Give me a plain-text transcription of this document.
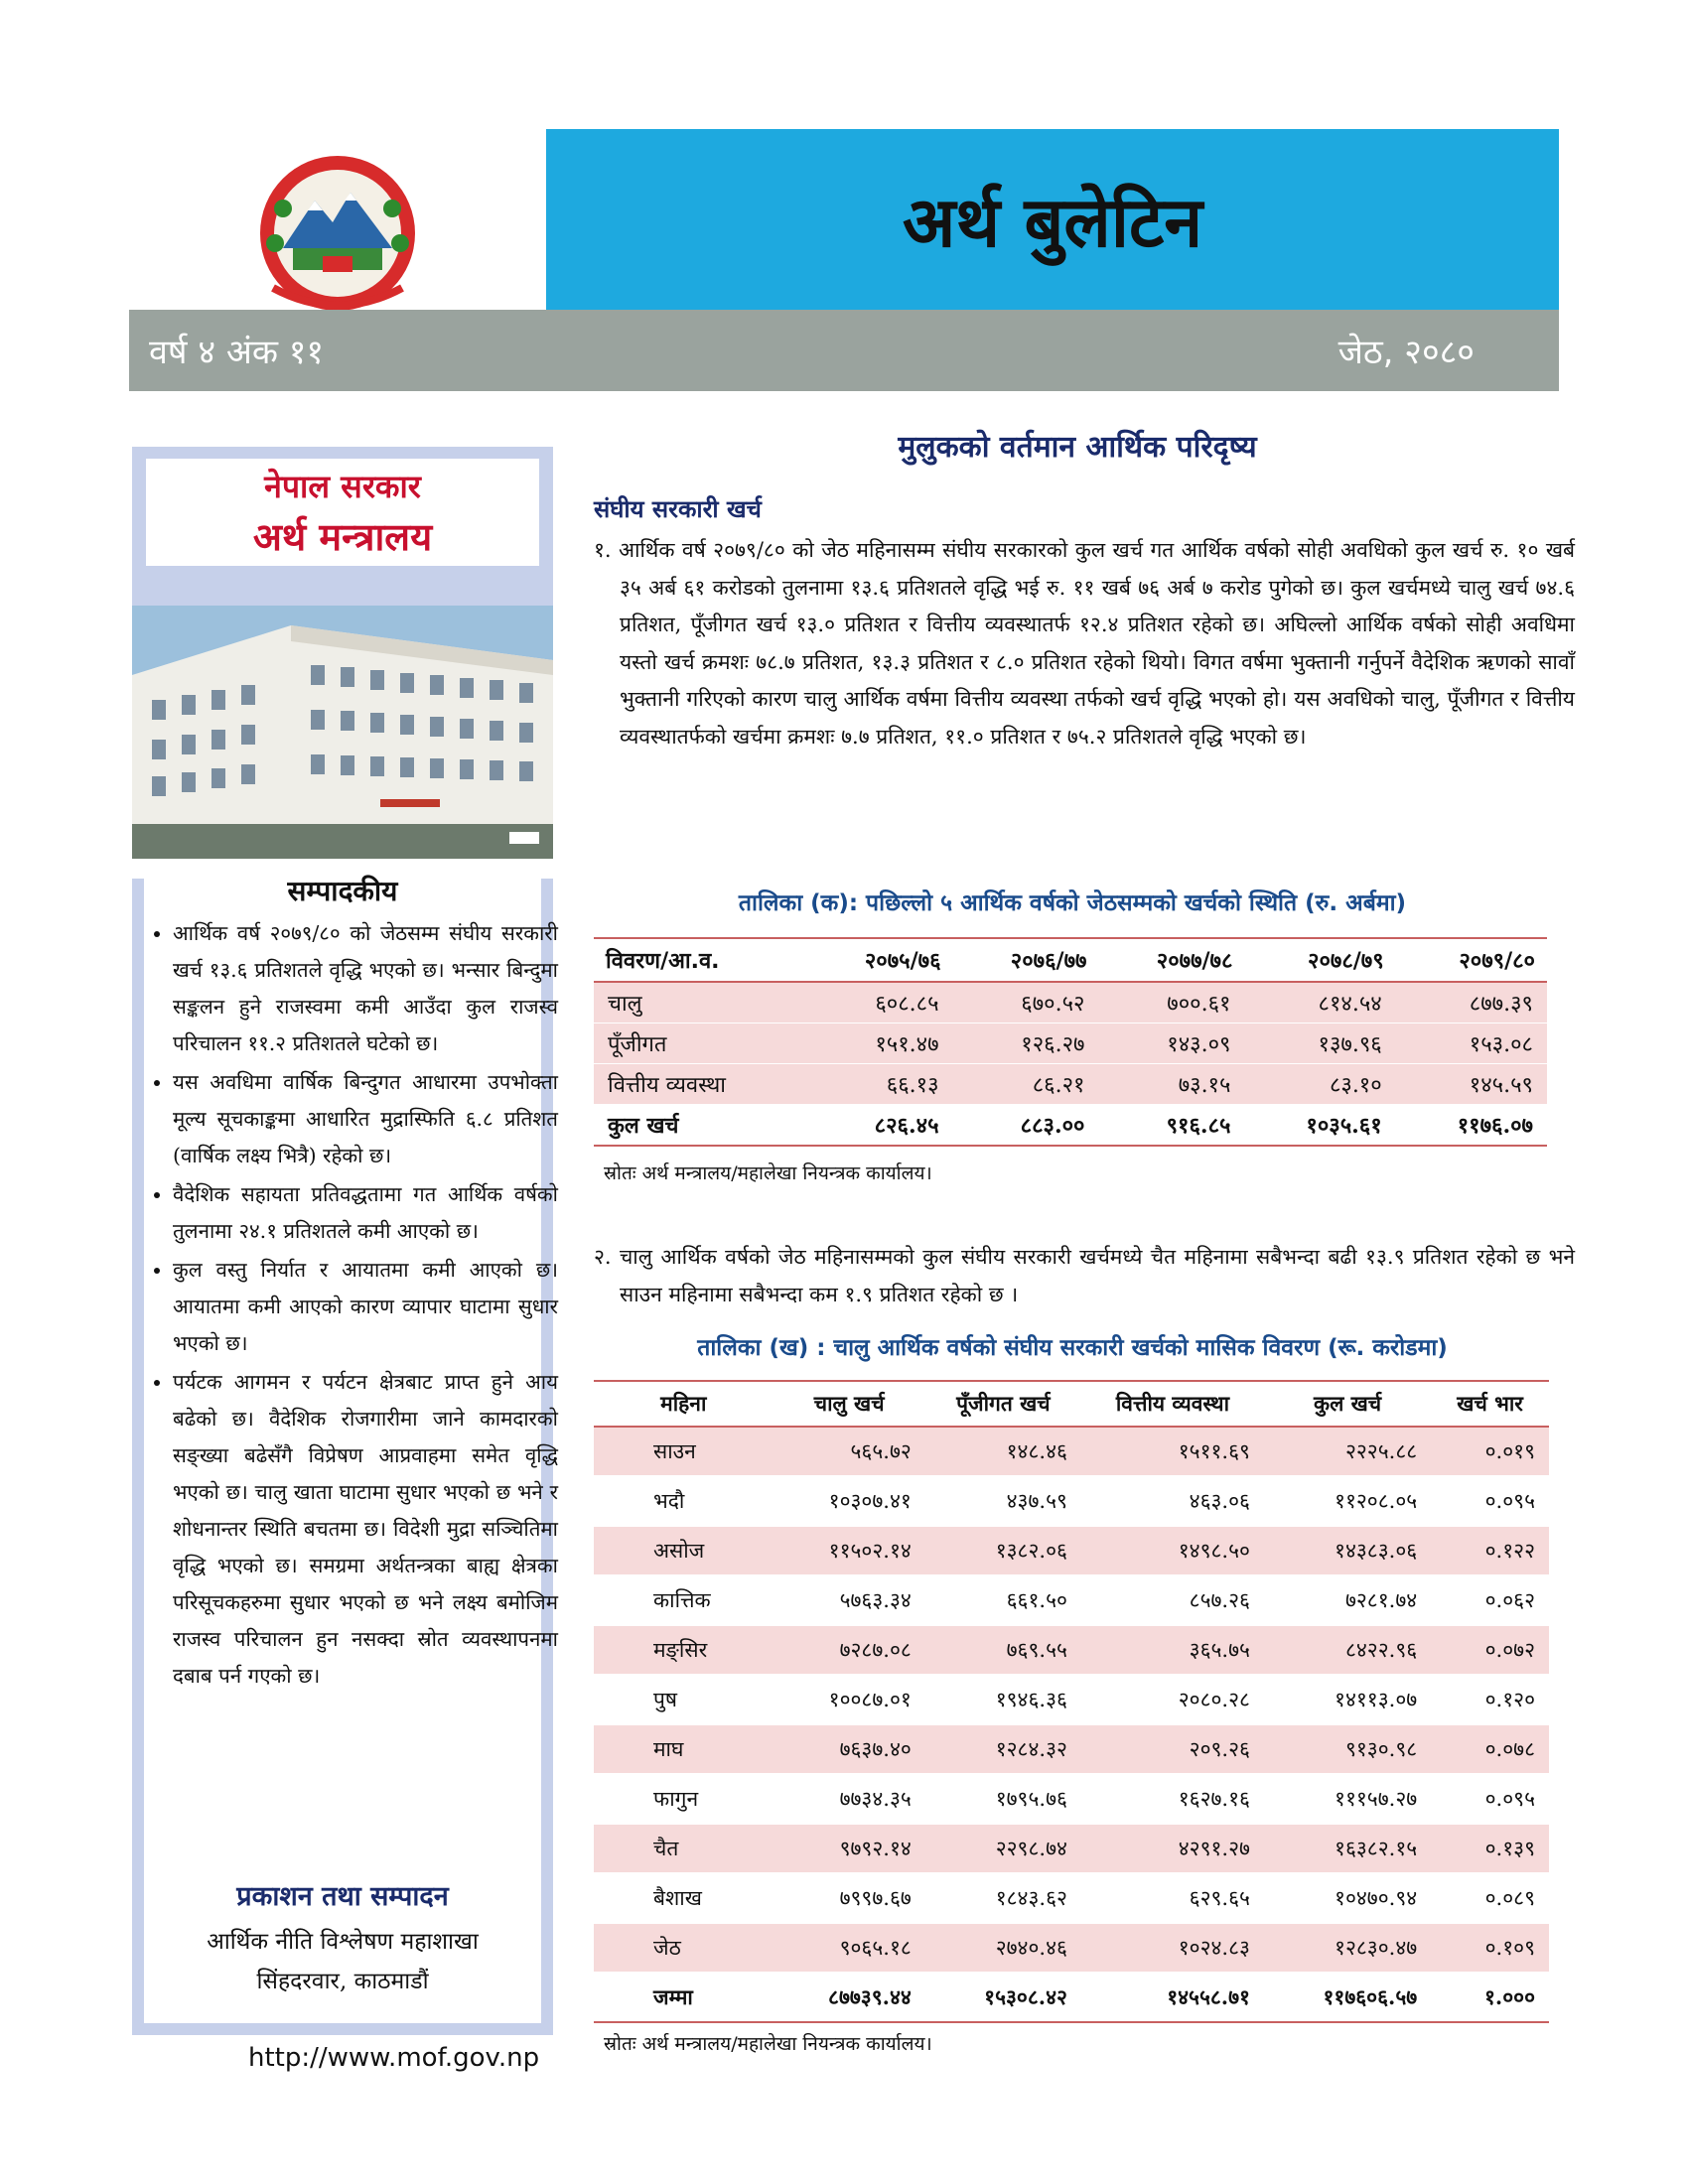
अर्थ बुलेटिन
वर्ष ४ अंक ११	जेठ, २०८०
नेपाल सरकार
अर्थ मन्त्रालय
सम्पादकीय
• आर्थिक वर्ष २०७९/८० को जेठसम्म संघीय सरकारी खर्च १३.६ प्रतिशतले वृद्धि भएको छ। भन्सार बिन्दुमा सङ्कलन हुने राजस्वमा कमी आउँदा कुल राजस्व परिचालन ११.२ प्रतिशतले घटेको छ।
• यस अवधिमा वार्षिक बिन्दुगत आधारमा उपभोक्ता मूल्य सूचकाङ्कमा आधारित मुद्रास्फिति ६.८ प्रतिशत (वार्षिक लक्ष्य भित्रै) रहेको छ।
• वैदेशिक सहायता प्रतिवद्धतामा गत आर्थिक वर्षको तुलनामा २४.१ प्रतिशतले कमी आएको छ।
• कुल वस्तु निर्यात र आयातमा कमी आएको छ। आयातमा कमी आएको कारण व्यापार घाटामा सुधार भएको छ।
• पर्यटक आगमन र पर्यटन क्षेत्रबाट प्राप्त हुने आय बढेको छ। वैदेशिक रोजगारीमा जाने कामदारको सङ्ख्या बढेसँगै विप्रेषण आप्रवाहमा समेत वृद्धि भएको छ। चालु खाता घाटामा सुधार भएको छ भने र शोधनान्तर स्थिति बचतमा छ। विदेशी मुद्रा सञ्चितिमा वृद्धि भएको छ। समग्रमा अर्थतन्त्रका बाह्य क्षेत्रका परिसूचकहरुमा सुधार भएको छ भने लक्ष्य बमोजिम राजस्व परिचालन हुन नसक्दा स्रोत व्यवस्थापनमा दबाब पर्न गएको छ।
प्रकाशन तथा सम्पादन
आर्थिक नीति विश्लेषण महाशाखा
सिंहदरवार, काठमाडौं
http://www.mof.gov.np
मुलुकको वर्तमान आर्थिक परिदृष्य
संघीय सरकारी खर्च
१. आर्थिक वर्ष २०७९/८० को जेठ महिनासम्म संघीय सरकारको कुल खर्च गत आर्थिक वर्षको सोही अवधिको कुल खर्च रु. १० खर्ब ३५ अर्ब ६१ करोडको तुलनामा १३.६ प्रतिशतले वृद्धि भई रु. ११ खर्ब ७६ अर्ब ७ करोड पुगेको छ। कुल खर्चमध्ये चालु खर्च ७४.६ प्रतिशत, पूँजीगत खर्च १३.० प्रतिशत र वित्तीय व्यवस्थातर्फ १२.४ प्रतिशत रहेको छ। अघिल्लो आर्थिक वर्षको सोही अवधिमा यस्तो खर्च क्रमशः ७८.७ प्रतिशत, १३.३ प्रतिशत र ८.० प्रतिशत रहेको थियो। विगत वर्षमा भुक्तानी गर्नुपर्ने वैदेशिक ऋणको सावाँ भुक्तानी गरिएको कारण चालु आर्थिक वर्षमा वित्तीय व्यवस्था तर्फको खर्च वृद्धि भएको हो। यस अवधिको चालु, पूँजीगत र वित्तीय व्यवस्थातर्फको खर्चमा क्रमशः ७.७ प्रतिशत, ११.० प्रतिशत र ७५.२ प्रतिशतले वृद्धि भएको छ।
तालिका (क): पछिल्लो ५ आर्थिक वर्षको जेठसम्मको खर्चको स्थिति (रु. अर्बमा)
विवरण/आ.व.	२०७५/७६	२०७६/७७	२०७७/७८	२०७८/७९	२०७९/८०
चालु	६०८.८५	६७०.५२	७००.६१	८१४.५४	८७७.३९
पूँजीगत	१५१.४७	१२६.२७	१४३.०९	१३७.९६	१५३.०८
वित्तीय व्यवस्था	६६.१३	८६.२१	७३.१५	८३.१०	१४५.५९
कुल खर्च	८२६.४५	८८३.००	९१६.८५	१०३५.६१	११७६.०७
स्रोतः अर्थ मन्त्रालय/महालेखा नियन्त्रक कार्यालय।
२. चालु आर्थिक वर्षको जेठ महिनासम्मको कुल संघीय सरकारी खर्चमध्ये चैत महिनामा सबैभन्दा बढी १३.९ प्रतिशत रहेको छ भने साउन महिनामा सबैभन्दा कम १.९ प्रतिशत रहेको छ ।
तालिका (ख) : चालु आर्थिक वर्षको संघीय सरकारी खर्चको मासिक विवरण (रू. करोडमा)
महिना	चालु खर्च	पूँजीगत खर्च	वित्तीय व्यवस्था	कुल खर्च	खर्च भार
साउन	५६५.७२	१४८.४६	१५११.६९	२२२५.८८	०.०१९
भदौ	१०३०७.४१	४३७.५९	४६३.०६	११२०८.०५	०.०९५
असोज	११५०२.१४	१३८२.०६	१४९८.५०	१४३८३.०६	०.१२२
कात्तिक	५७६३.३४	६६१.५०	८५७.२६	७२८१.७४	०.०६२
मङ्सिर	७२८७.०८	७६९.५५	३६५.७५	८४२२.९६	०.०७२
पुष	१००८७.०१	१९४६.३६	२०८०.२८	१४११३.०७	०.१२०
माघ	७६३७.४०	१२८४.३२	२०९.२६	९१३०.९८	०.०७८
फागुन	७७३४.३५	१७९५.७६	१६२७.१६	१११५७.२७	०.०९५
चैत	९७९२.१४	२२९८.७४	४२९१.२७	१६३८२.१५	०.१३९
बैशाख	७९९७.६७	१८४३.६२	६२९.६५	१०४७०.९४	०.०८९
जेठ	९०६५.१८	२७४०.४६	१०२४.८३	१२८३०.४७	०.१०९
जम्मा	८७७३९.४४	१५३०८.४२	१४५५८.७१	११७६०६.५७	१.०००
स्रोतः अर्थ मन्त्रालय/महालेखा नियन्त्रक कार्यालय।
